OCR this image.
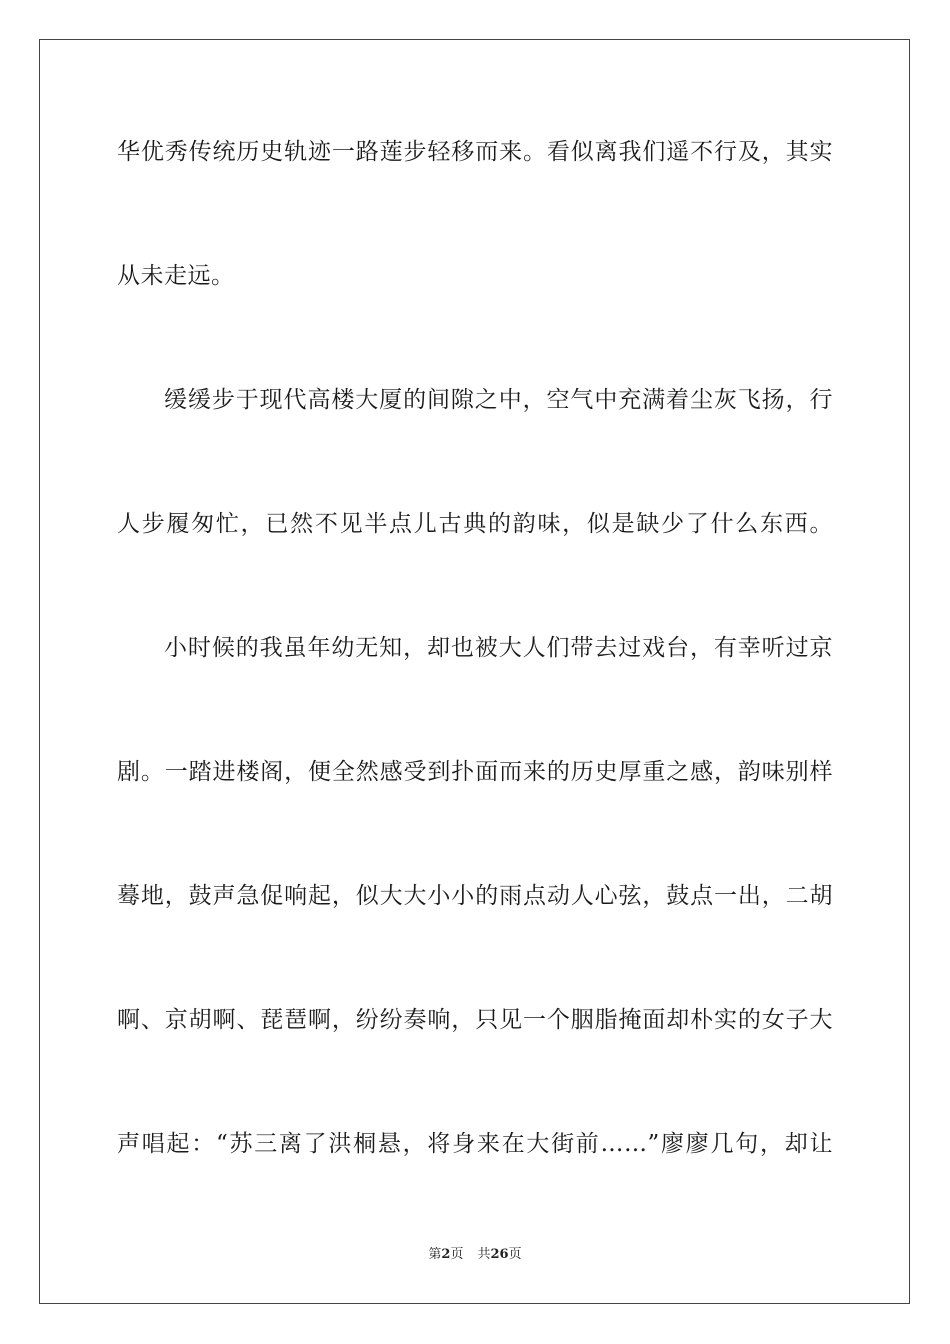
华优秀传统历史轨迹一路莲步轻移而来。看似离我们遥不行及，其实
从未走远。
缓缓步于现代高楼大厦的间隙之中，空气中充满着尘灰飞扬，行
人步履匆忙，已然不见半点儿古典的韵味，似是缺少了什么东西。
小时候的我虽年幼无知，却也被大人们带去过戏台，有幸听过京
剧。一踏进楼阁，便全然感受到扑面而来的历史厚重之感，韵味别样
蓦地，鼓声急促响起，似大大小小的雨点动人心弦，鼓点一出，二胡
啊、京胡啊、琵琶啊，纷纷奏响，只见一个胭脂掩面却朴实的女子大
声唱起：“苏三离了洪桐悬，将身来在大街前……”廖廖几句，却让
第2页 共26页
